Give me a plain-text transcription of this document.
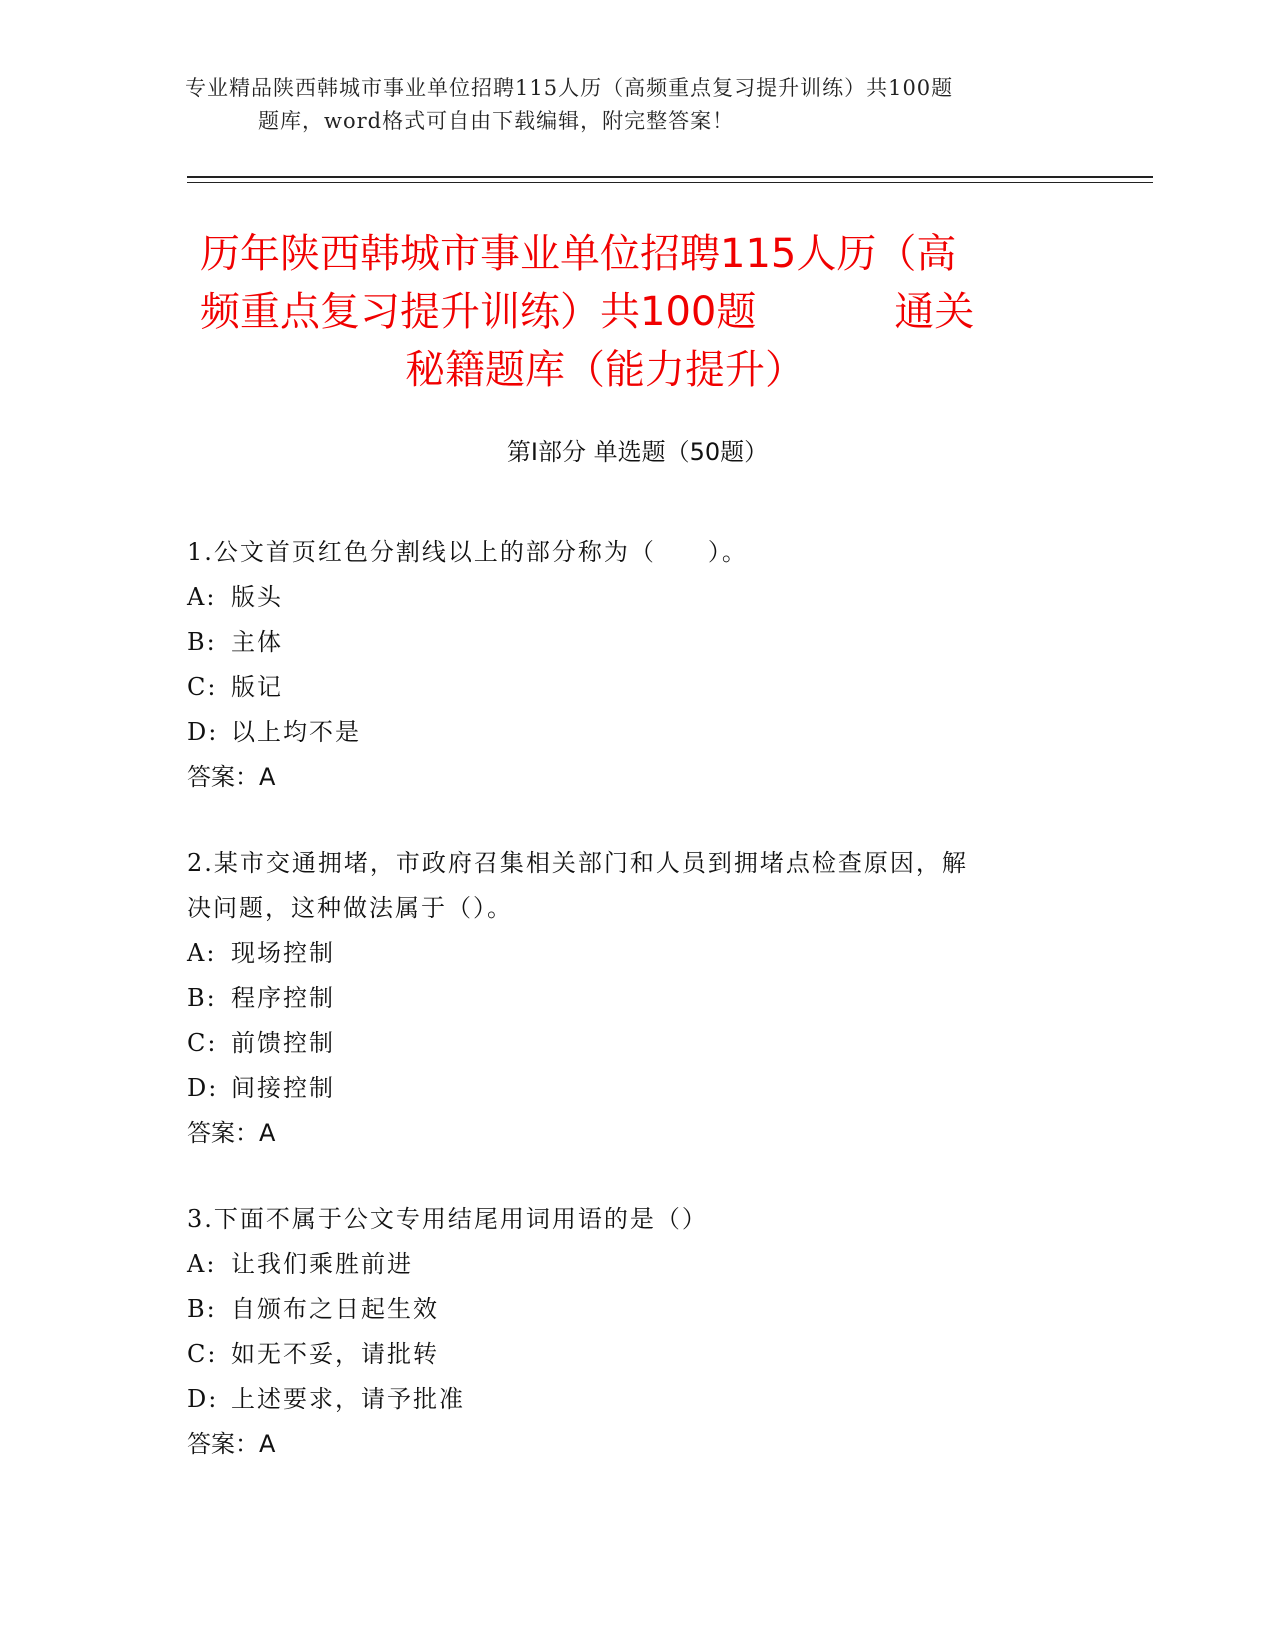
专业精品陕西韩城市事业单位招聘115人历（高频重点复习提升训练）共100题
题库，word格式可自由下载编辑，附完整答案！
历年陕西韩城市事业单位招聘115人历（高
频重点复习提升训练）共100题	通关
秘籍题库（能力提升）
第I部分 单选题（50题）

1.公文首页红色分割线以上的部分称为（　　）。

A: 版头

B: 主体

C: 版记

D: 以上均不是

答案：A

2.某市交通拥堵，市政府召集相关部门和人员到拥堵点检查原因，解

决问题，这种做法属于（）。

A: 现场控制

B: 程序控制

C: 前馈控制

D: 间接控制

答案：A

3.下面不属于公文专用结尾用词用语的是（）

A: 让我们乘胜前进

B: 自颁布之日起生效

C: 如无不妥，请批转

D: 上述要求，请予批准

答案：A
